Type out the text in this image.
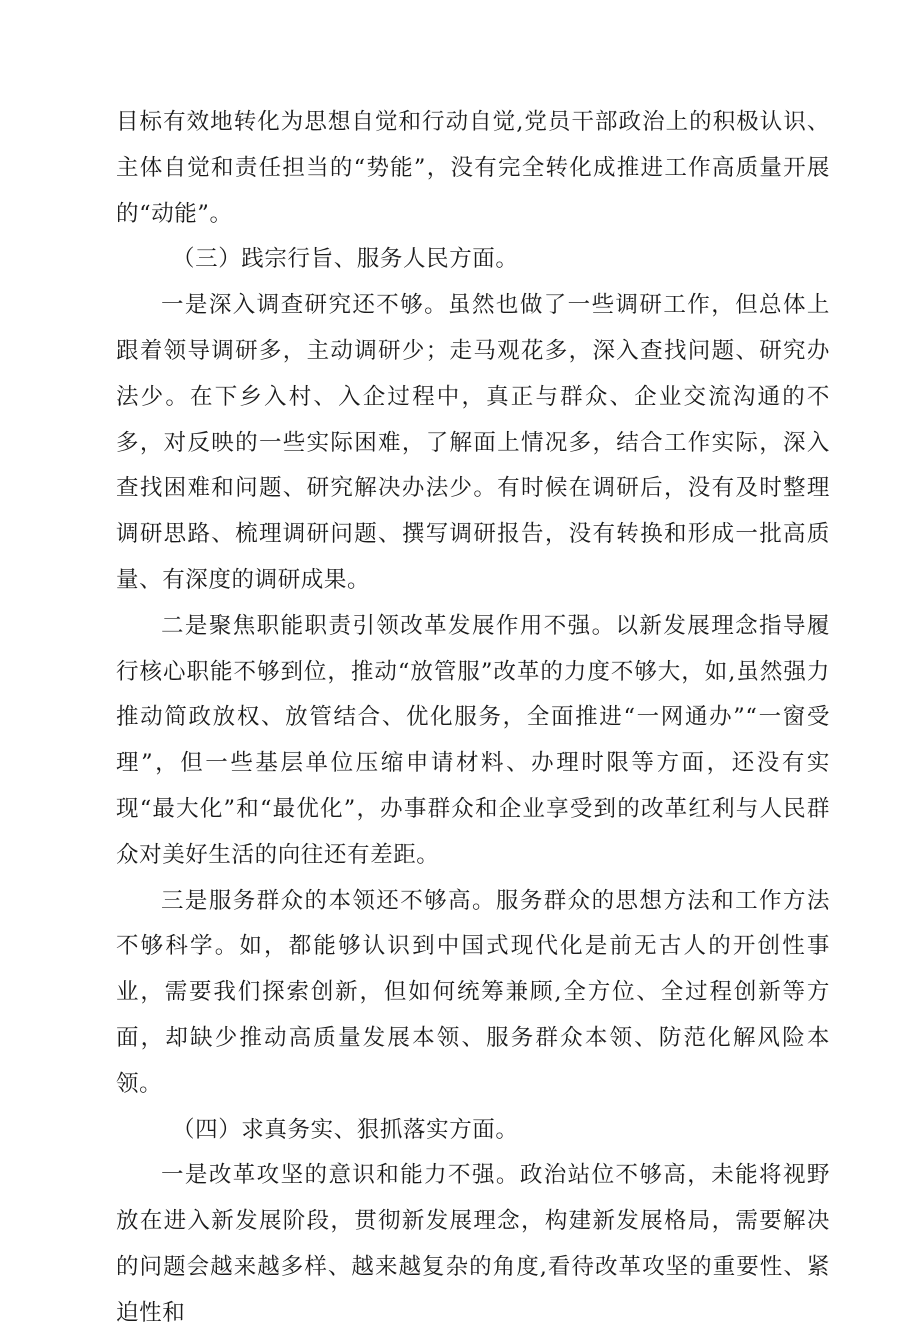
目标有效地转化为思想自觉和行动自觉,党员干部政治上的积极认识、主体自觉和责任担当的“势能”，没有完全转化成推进工作高质量开展的“动能”。

（三）践宗行旨、服务人民方面。

一是深入调查研究还不够。虽然也做了一些调研工作，但总体上跟着领导调研多，主动调研少；走马观花多，深入查找问题、研究办法少。在下乡入村、入企过程中，真正与群众、企业交流沟通的不多，对反映的一些实际困难，了解面上情况多，结合工作实际，深入查找困难和问题、研究解决办法少。有时候在调研后，没有及时整理调研思路、梳理调研问题、撰写调研报告，没有转换和形成一批高质量、有深度的调研成果。

二是聚焦职能职责引领改革发展作用不强。以新发展理念指导履行核心职能不够到位，推动“放管服”改革的力度不够大，如,虽然强力推动简政放权、放管结合、优化服务，全面推进“一网通办”“一窗受理”，但一些基层单位压缩申请材料、办理时限等方面，还没有实现“最大化”和“最优化”，办事群众和企业享受到的改革红利与人民群众对美好生活的向往还有差距。

三是服务群众的本领还不够高。服务群众的思想方法和工作方法不够科学。如，都能够认识到中国式现代化是前无古人的开创性事业，需要我们探索创新，但如何统筹兼顾,全方位、全过程创新等方面，却缺少推动高质量发展本领、服务群众本领、防范化解风险本领。

（四）求真务实、狠抓落实方面。

一是改革攻坚的意识和能力不强。政治站位不够高，未能将视野放在进入新发展阶段，贯彻新发展理念，构建新发展格局，需要解决的问题会越来越多样、越来越复杂的角度,看待改革攻坚的重要性、紧迫性和
